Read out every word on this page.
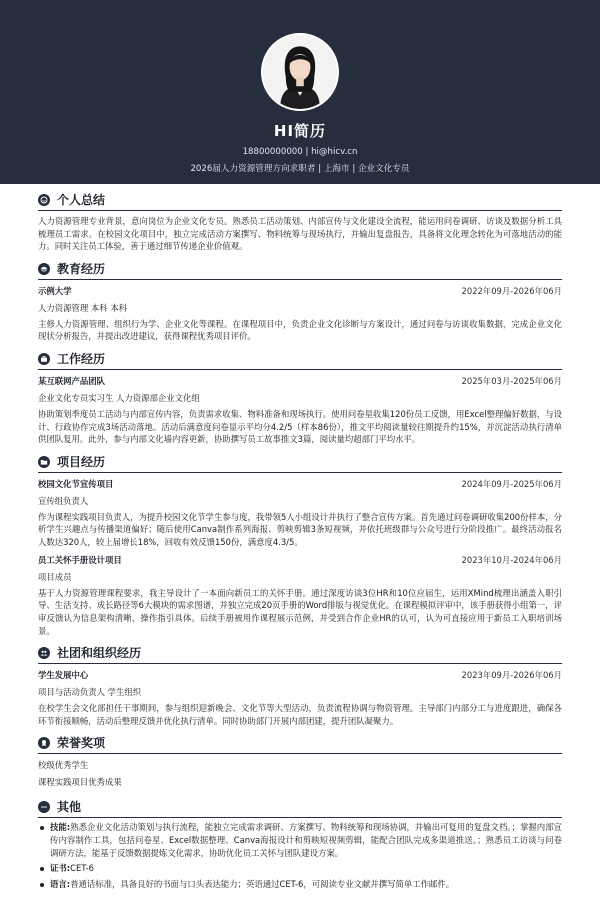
HI简历
18800000000 | hi@hicv.cn
2026届人力资源管理方向求职者 | 上海市 | 企业文化专员
个人总结
人力资源管理专业背景，意向岗位为企业文化专员。熟悉员工活动策划、内部宣传与文化建设全流程，能运用问卷调研、访谈及数据分析工具梳理员工需求。在校园文化项目中，独立完成活动方案撰写、物料统筹与现场执行，并输出复盘报告，具备将文化理念转化为可落地活动的能力。同时关注员工体验，善于通过细节传递企业价值观。
教育经历
示例大学	2022年09月-2026年06月
人力资源管理 本科 本科
主修人力资源管理、组织行为学、企业文化等课程。在课程项目中，负责企业文化诊断与方案设计，通过问卷与访谈收集数据，完成企业文化现状分析报告，并提出改进建议，获得课程优秀项目评价。
工作经历
某互联网产品团队	2025年03月-2025年06月
企业文化专员实习生 人力资源部企业文化组
协助策划季度员工活动与内部宣传内容，负责需求收集、物料准备和现场执行。使用问卷星收集120份员工反馈，用Excel整理偏好数据，与设计、行政协作完成3场活动落地。活动后满意度问卷显示平均分4.2/5（样本86份），推文平均阅读量较往期提升约15%，并沉淀活动执行清单供团队复用。此外，参与内部文化墙内容更新，协助撰写员工故事推文3篇，阅读量均超部门平均水平。
项目经历
校园文化节宣传项目	2024年09月-2025年06月
宣传组负责人
作为课程实践项目负责人，为提升校园文化节学生参与度，我带领5人小组设计并执行了整合宣传方案。首先通过问卷调研收集200份样本，分析学生兴趣点与传播渠道偏好；随后使用Canva制作系列海报、剪映剪辑3条短视频，并依托班级群与公众号进行分阶段推广。最终活动报名人数达320人，较上届增长18%，回收有效反馈150份，满意度4.3/5。
员工关怀手册设计项目	2023年10月-2024年06月
项目成员
基于人力资源管理课程要求，我主导设计了一本面向新员工的关怀手册。通过深度访谈3位HR和10位应届生，运用XMind梳理出涵盖入职引导、生活支持、成长路径等6大模块的需求图谱，并独立完成20页手册的Word排版与视觉优化。在课程模拟评审中，该手册获得小组第一，评审反馈认为信息架构清晰、操作指引具体。后续手册被用作课程展示范例，并受到合作企业HR的认可，认为可直接应用于新员工入职培训场景。
社团和组织经历
学生发展中心	2023年09月-2026年06月
项目与活动负责人 学生组织
在校学生会文化部担任干事期间，参与组织迎新晚会、文化节等大型活动，负责流程协调与物资管理。主导部门内部分工与进度跟进，确保各环节衔接顺畅，活动后整理反馈并优化执行清单。同时协助部门开展内部团建，提升团队凝聚力。
荣誉奖项
校级优秀学生
课程实践项目优秀成果
其他
技能:熟悉企业文化活动策划与执行流程，能独立完成需求调研、方案撰写、物料统筹和现场协调，并输出可复用的复盘文档。；掌握内部宣传内容制作工具，包括问卷星、Excel数据整理、Canva海报设计和剪映短视频剪辑，能配合团队完成多渠道推送。；熟悉员工访谈与问卷调研方法，能基于反馈数据提炼文化需求，协助优化员工关怀与团队建设方案。
证书:CET-6
语言:普通话标准，具备良好的书面与口头表达能力；英语通过CET-6，可阅读专业文献并撰写简单工作邮件。
